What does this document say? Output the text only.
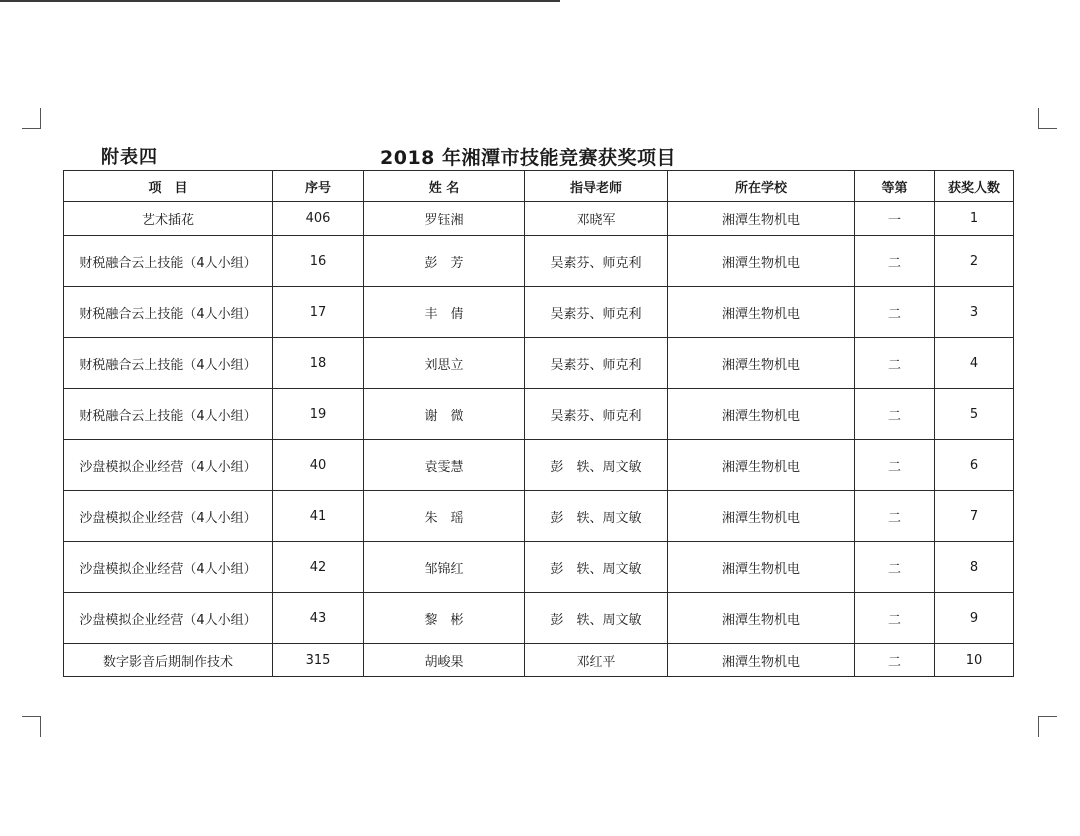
附表四	2018 年湘潭市技能竞赛获奖项目
项　目	序号	姓 名	指导老师	所在学校	等第	获奖人数
艺术插花	406	罗钰湘	邓晓军	湘潭生物机电	一	1
财税融合云上技能（4人小组）	16	彭　芳	吴素芬、师克利	湘潭生物机电	二	2
财税融合云上技能（4人小组）	17	丰　倩	吴素芬、师克利	湘潭生物机电	二	3
财税融合云上技能（4人小组）	18	刘思立	吴素芬、师克利	湘潭生物机电	二	4
财税融合云上技能（4人小组）	19	谢　微	吴素芬、师克利	湘潭生物机电	二	5
沙盘模拟企业经营（4人小组）	40	袁雯慧	彭　轶、周文敏	湘潭生物机电	二	6
沙盘模拟企业经营（4人小组）	41	朱　瑶	彭　轶、周文敏	湘潭生物机电	二	7
沙盘模拟企业经营（4人小组）	42	邹锦红	彭　轶、周文敏	湘潭生物机电	二	8
沙盘模拟企业经营（4人小组）	43	黎　彬	彭　轶、周文敏	湘潭生物机电	二	9
数字影音后期制作技术	315	胡峻果	邓红平	湘潭生物机电	二	10
